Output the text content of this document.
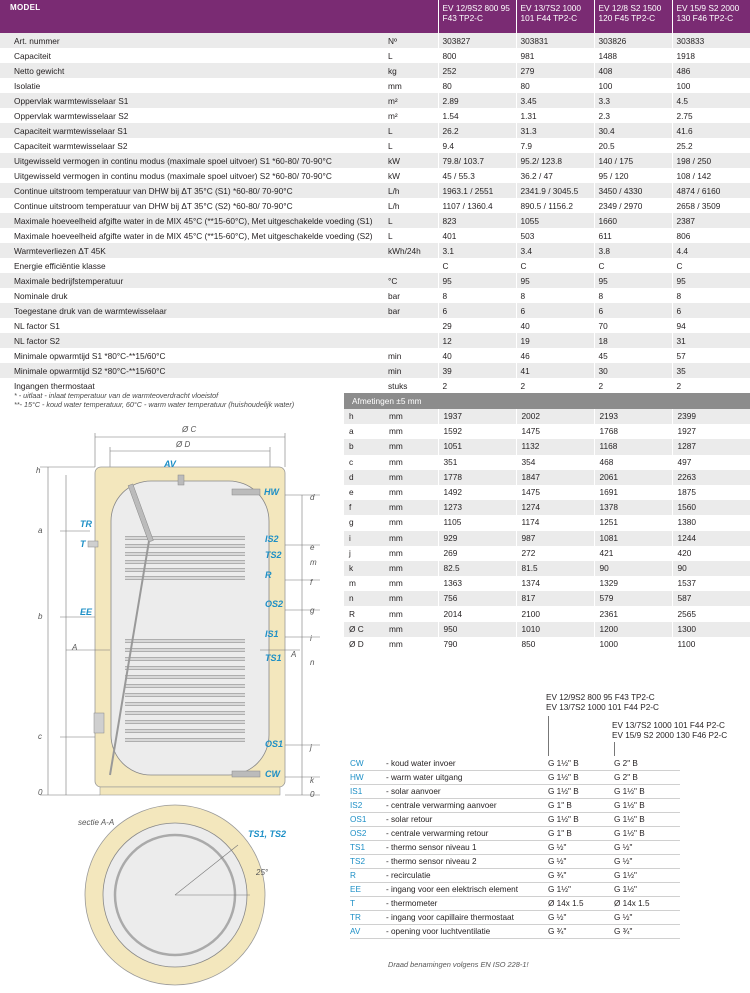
MODEL		EV 12/9S2 800 95 F43 TP2-C	EV 13/7S2 1000 101 F44 TP2-C	EV 12/8 S2 1500 120 F45 TP2-C	EV 15/9 S2 2000 130 F46 TP2-C
Art. nummer	Nº	303827	303831	303826	303833
Capaciteit	L	800	981	1488	1918
Netto gewicht	kg	252	279	408	486
Isolatie	mm	80	80	100	100
Oppervlak warmtewisselaar S1	m²	2.89	3.45	3.3	4.5
Oppervlak warmtewisselaar S2	m²	1.54	1.31	2.3	2.75
Capaciteit warmtewisselaar S1	L	26.2	31.3	30.4	41.6
Capaciteit warmtewisselaar S2	L	9.4	7.9	20.5	25.2
Uitgewisseld vermogen in continu modus (maximale spoel uitvoer) S1 *60-80/ 70-90°C	kW	79.8/ 103.7	95.2/ 123.8	140 / 175	198 / 250
Uitgewisseld vermogen in continu modus (maximale spoel uitvoer) S2 *60-80/ 70-90°C	kW	45 / 55.3	36.2 / 47	95 / 120	108 / 142
Continue uitstroom temperatuur van DHW bij ΔT 35°C (S1) *60-80/ 70-90°C	L/h	1963.1 / 2551	2341.9 / 3045.5	3450 / 4330	4874 / 6160
Continue uitstroom temperatuur van DHW bij ΔT 35°C (S2) *60-80/ 70-90°C	L/h	1107 / 1360.4	890.5 / 1156.2	2349 / 2970	2658 / 3509
Maximale hoeveelheid afgifte water in de MIX 45°C (**15-60°C), Met uitgeschakelde voeding (S1)	L	823	1055	1660	2387
Maximale hoeveelheid afgifte water in de MIX 45°C (**15-60°C), Met uitgeschakelde voeding (S2)	L	401	503	611	806
Warmteverliezen ΔT 45K	kWh/24h	3.1	3.4	3.8	4.4
Energie efficiëntie klasse		C	C	C	C
Maximale bedrijfstemperatuur	°C	95	95	95	95
Nominale druk	bar	8	8	8	8
Toegestane druk van de warmtewisselaar	bar	6	6	6	6
NL factor S1		29	40	70	94
NL factor S2		12	19	18	31
Minimale opwarmtijd S1 *80°C-**15/60°C	min	40	46	45	57
Minimale opwarmtijd S2 *80°C-**15/60°C	min	39	41	30	35
Ingangen thermostaat	stuks	2	2	2	2
* - uitlaat - inlaat temperatuur van de warmteoverdracht vloeistof
**- 15°C - koud water temperatuur, 60°C - warm water temperatuur (huishoudelijk water)	Afmetingen ±5 mm
h	mm	1937	2002	2193	2399
a	mm	1592	1475	1768	1927
b	mm	1051	1132	1168	1287
c	mm	351	354	468	497
d	mm	1778	1847	2061	2263
e	mm	1492	1475	1691	1875
f	mm	1273	1274	1378	1560
g	mm	1105	1174	1251	1380
i	mm	929	987	1081	1244
j	mm	269	272	421	420
k	mm	82.5	81.5	90	90
m	mm	1363	1374	1329	1537
n	mm	756	817	579	587
R	mm	2014	2100	2361	2565
Ø C	mm	950	1010	1200	1300
Ø D	mm	790	850	1000	1100
Ø C
Ø D
h
a
b
c
0
A
d
e
m
f
g
i
n
j
k
0
A
AV
HW
TR
T	IS2
TS2
R
EE
OS2
IS1
TS1
OS1
CW
sectie A-A
TS1, TS2
25°
EV 12/9S2 800 95 F43 TP2-C
EV 13/7S2 1000 101 F44 P2-C
EV 13/7S2 1000 101 F44 P2-C
EV 15/9 S2 2000 130 F46 P2-C
CW	- koud water invoer	G 1½" B	G 2" B
HW	- warm water uitgang	G 1½" B	G 2" B
IS1	- solar aanvoer	G 1½" B	G 1½" B
IS2	- centrale verwarming aanvoer	G 1" B	G 1½" B
OS1	- solar retour	G 1½" B	G 1½" B
OS2	- centrale verwarming retour	G 1" B	G 1½" B
TS1	- thermo sensor niveau 1	G ½"	G ½"
TS2	- thermo sensor niveau 2	G ½"	G ½"
R	- recirculatie	G ¾"	G 1½"
EE	- ingang voor een elektrisch element	G 1½"	G 1½"
T	- thermometer	Ø 14x 1.5	Ø 14x 1.5
TR	- ingang voor capillaire thermostaat	G ½"	G ½"
AV	- opening voor luchtventilatie	G ¾"	G ¾"
Draad benamingen volgens EN ISO 228-1!
